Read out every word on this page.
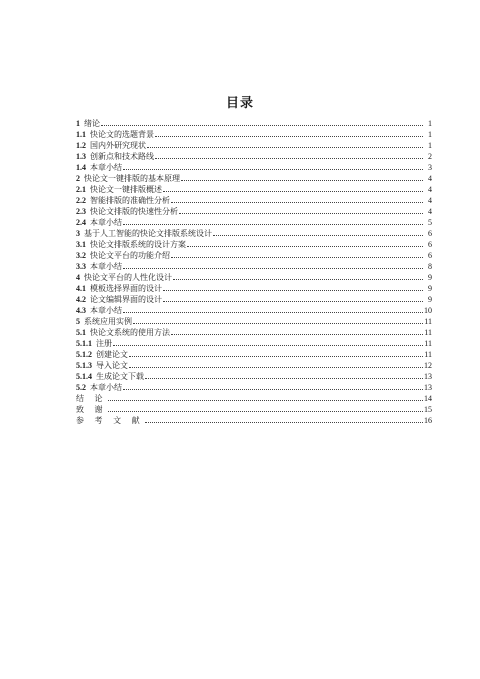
目录
1 绪论	1
1.1 快论文的选题背景	1
1.2 国内外研究现状	1
1.3 创新点和技术路线	2
1.4 本章小结	3
2 快论文一键排版的基本原理	4
2.1 快论文一键排版概述	4
2.2 智能排版的准确性分析	4
2.3 快论文排版的快速性分析	4
2.4 本章小结	5
3 基于人工智能的快论文排版系统设计	6
3.1 快论文排版系统的设计方案	6
3.2 快论文平台的功能介绍	6
3.3 本章小结	8
4 快论文平台的人性化设计	9
4.1 模板选择界面的设计	9
4.2 论文编辑界面的设计	9
4.3 本章小结	10
5 系统应用实例	11
5.1 快论文系统的使用方法	11
5.1.1 注册	11
5.1.2 创建论文	11
5.1.3 导入论文	12
5.1.4 生成论文下载	13
5.2 本章小结	13
结 论	14
致 谢	15
参 考 文 献	16
